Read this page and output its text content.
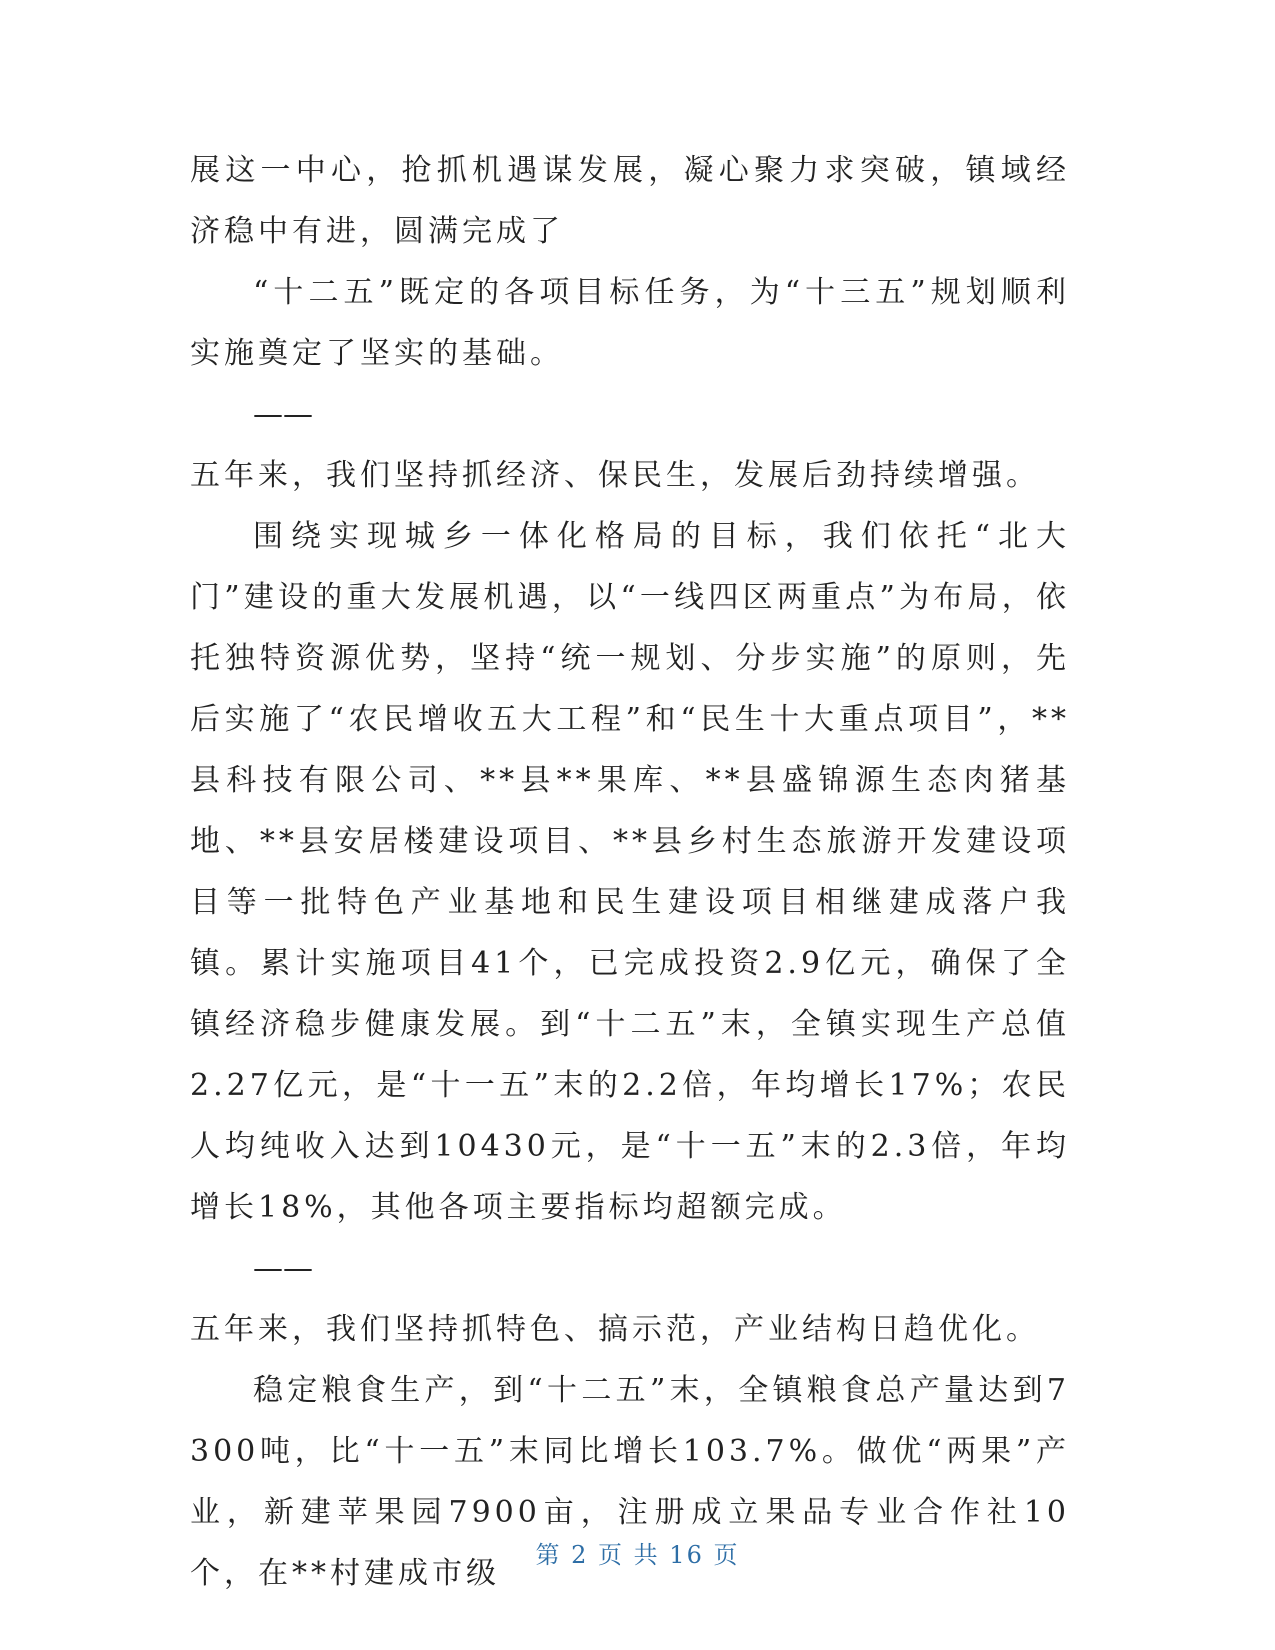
展这一中心，抢抓机遇谋发展，凝心聚力求突破，镇域经济稳中有进，圆满完成了

“十二五”既定的各项目标任务，为“十三五”规划顺利实施奠定了坚实的基础。

——

五年来，我们坚持抓经济、保民生，发展后劲持续增强。

围绕实现城乡一体化格局的目标，我们依托“北大门”建设的重大发展机遇，以“一线四区两重点”为布局，依托独特资源优势，坚持“统一规划、分步实施”的原则，先后实施了“农民增收五大工程”和“民生十大重点项目”，**县科技有限公司、**县**果库、**县盛锦源生态肉猪基地、**县安居楼建设项目、**县乡村生态旅游开发建设项目等一批特色产业基地和民生建设项目相继建成落户我镇。累计实施项目41个，已完成投资2.9亿元，确保了全镇经济稳步健康发展。到“十二五”末，全镇实现生产总值2.27亿元，是“十一五”末的2.2倍，年均增长17%；农民人均纯收入达到10430元，是“十一五”末的2.3倍，年均增长18%，其他各项主要指标均超额完成。

——

五年来，我们坚持抓特色、搞示范，产业结构日趋优化。

稳定粮食生产，到“十二五”末，全镇粮食总产量达到7300吨，比“十一五”末同比增长103.7%。做优“两果”产业，新建苹果园7900亩，注册成立果品专业合作社10个，在**村建成市级

第 2 页 共 16 页
